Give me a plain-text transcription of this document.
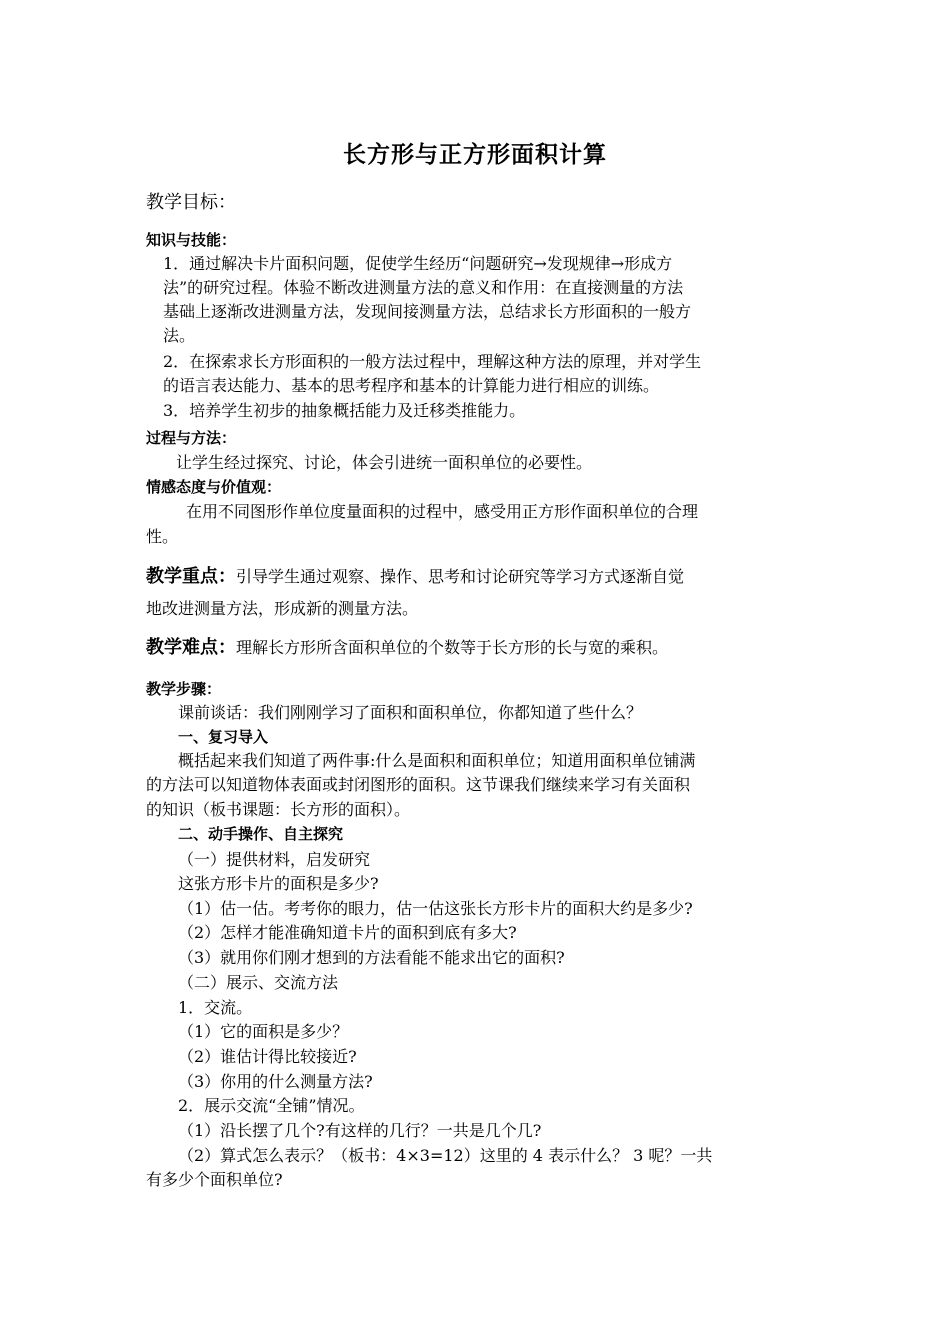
长方形与正方形面积计算
教学目标：
知识与技能：
1．通过解决卡片面积问题，促使学生经历“问题研究→发现规律→形成方
法”的研究过程。体验不断改进测量方法的意义和作用：在直接测量的方法
基础上逐渐改进测量方法，发现间接测量方法，总结求长方形面积的一般方
法。
2．在探索求长方形面积的一般方法过程中，理解这种方法的原理，并对学生
的语言表达能力、基本的思考程序和基本的计算能力进行相应的训练。
3．培养学生初步的抽象概括能力及迁移类推能力。
过程与方法：
让学生经过探究、讨论，体会引进统一面积单位的必要性。
情感态度与价值观：
在用不同图形作单位度量面积的过程中，感受用正方形作面积单位的合理
性。
教学重点：引导学生通过观察、操作、思考和讨论研究等学习方式逐渐自觉
地改进测量方法，形成新的测量方法。
教学难点：理解长方形所含面积单位的个数等于长方形的长与宽的乘积。
教学步骤：
课前谈话：我们刚刚学习了面积和面积单位，你都知道了些什么？
一、复习导入
概括起来我们知道了两件事:什么是面积和面积单位；知道用面积单位铺满
的方法可以知道物体表面或封闭图形的面积。这节课我们继续来学习有关面积
的知识（板书课题：长方形的面积）。
二、动手操作、自主探究
（一）提供材料，启发研究
这张方形卡片的面积是多少?
（1）估一估。考考你的眼力，估一估这张长方形卡片的面积大约是多少?
（2）怎样才能准确知道卡片的面积到底有多大?
（3）就用你们刚才想到的方法看能不能求出它的面积?
（二）展示、交流方法
1．交流。
（1）它的面积是多少？
（2）谁估计得比较接近?
（3）你用的什么测量方法?
2．展示交流“全铺”情况。
（1）沿长摆了几个?有这样的几行？一共是几个几?
（2）算式怎么表示？（板书：4×3=12）这里的 4 表示什么？ 3 呢？一共
有多少个面积单位?
